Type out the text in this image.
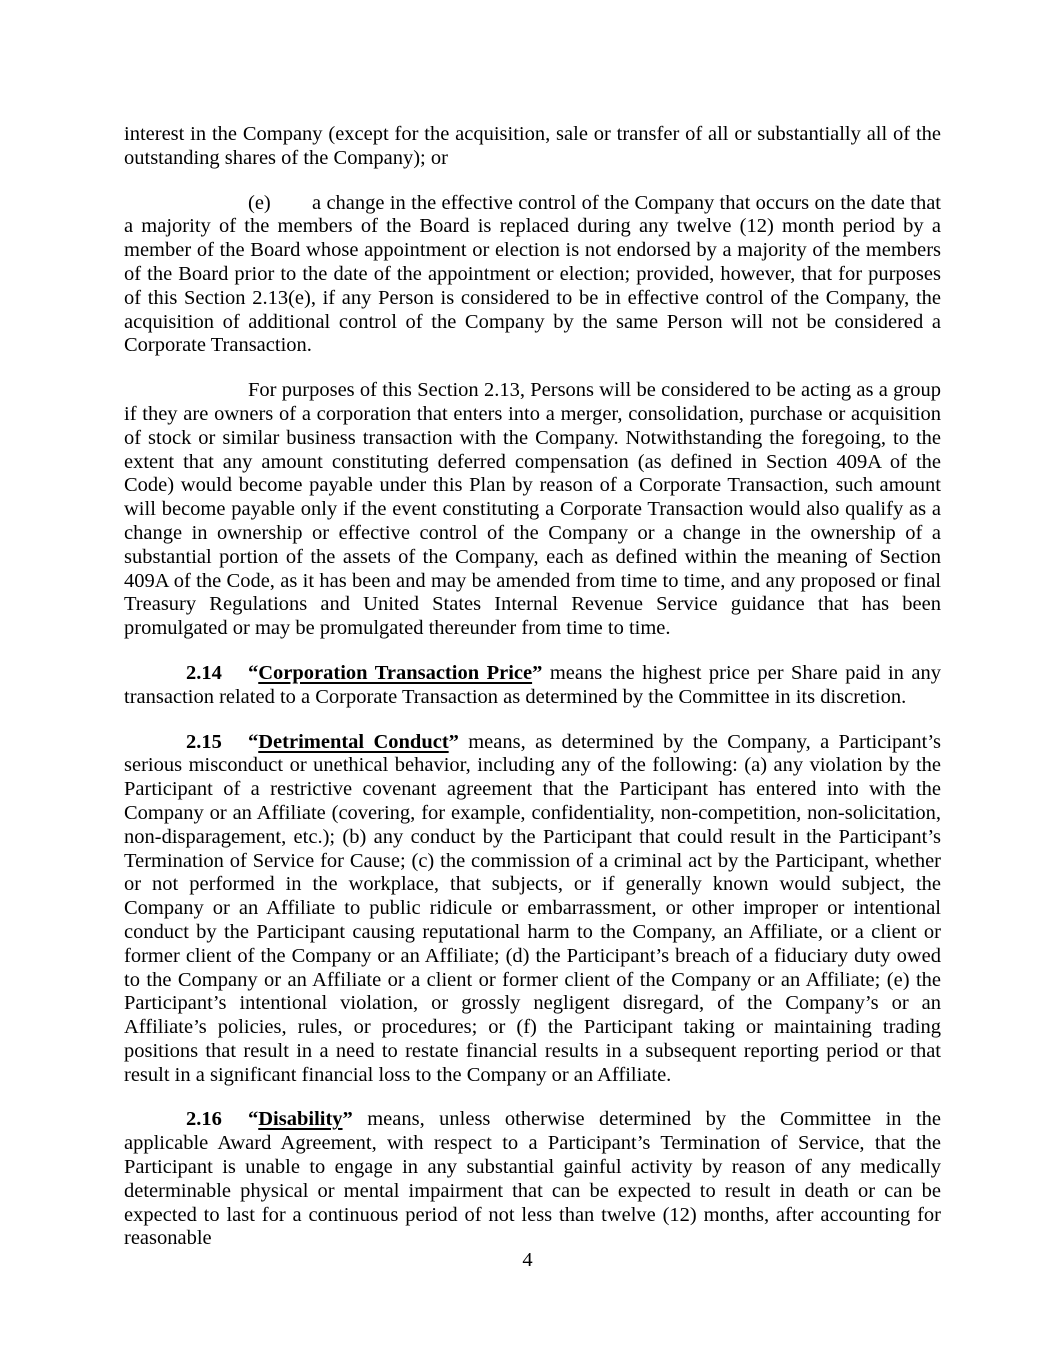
interest in the Company (except for the acquisition, sale or transfer of all or substantially all of the outstanding shares of the Company); or

(e) a change in the effective control of the Company that occurs on the date that a majority of the members of the Board is replaced during any twelve (12) month period by a member of the Board whose appointment or election is not endorsed by a majority of the members of the Board prior to the date of the appointment or election; provided, however, that for purposes of this Section 2.13(e), if any Person is considered to be in effective control of the Company, the acquisition of additional control of the Company by the same Person will not be considered a Corporate Transaction.

For purposes of this Section 2.13, Persons will be considered to be acting as a group if they are owners of a corporation that enters into a merger, consolidation, purchase or acquisition of stock or similar business transaction with the Company. Notwithstanding the foregoing, to the extent that any amount constituting deferred compensation (as defined in Section 409A of the Code) would become payable under this Plan by reason of a Corporate Transaction, such amount will become payable only if the event constituting a Corporate Transaction would also qualify as a change in ownership or effective control of the Company or a change in the ownership of a substantial portion of the assets of the Company, each as defined within the meaning of Section 409A of the Code, as it has been and may be amended from time to time, and any proposed or final Treasury Regulations and United States Internal Revenue Service guidance that has been promulgated or may be promulgated thereunder from time to time.

2.14 “Corporation Transaction Price” means the highest price per Share paid in any transaction related to a Corporate Transaction as determined by the Committee in its discretion.

2.15 “Detrimental Conduct” means, as determined by the Company, a Participant’s serious misconduct or unethical behavior, including any of the following: (a) any violation by the Participant of a restrictive covenant agreement that the Participant has entered into with the Company or an Affiliate (covering, for example, confidentiality, non-competition, non-solicitation, non-disparagement, etc.); (b) any conduct by the Participant that could result in the Participant’s Termination of Service for Cause; (c) the commission of a criminal act by the Participant, whether or not performed in the workplace, that subjects, or if generally known would subject, the Company or an Affiliate to public ridicule or embarrassment, or other improper or intentional conduct by the Participant causing reputational harm to the Company, an Affiliate, or a client or former client of the Company or an Affiliate; (d) the Participant’s breach of a fiduciary duty owed to the Company or an Affiliate or a client or former client of the Company or an Affiliate; (e) the Participant’s intentional violation, or grossly negligent disregard, of the Company’s or an Affiliate’s policies, rules, or procedures; or (f) the Participant taking or maintaining trading positions that result in a need to restate financial results in a subsequent reporting period or that result in a significant financial loss to the Company or an Affiliate.

2.16 “Disability” means, unless otherwise determined by the Committee in the applicable Award Agreement, with respect to a Participant’s Termination of Service, that the Participant is unable to engage in any substantial gainful activity by reason of any medically determinable physical or mental impairment that can be expected to result in death or can be expected to last for a continuous period of not less than twelve (12) months, after accounting for reasonable

4
